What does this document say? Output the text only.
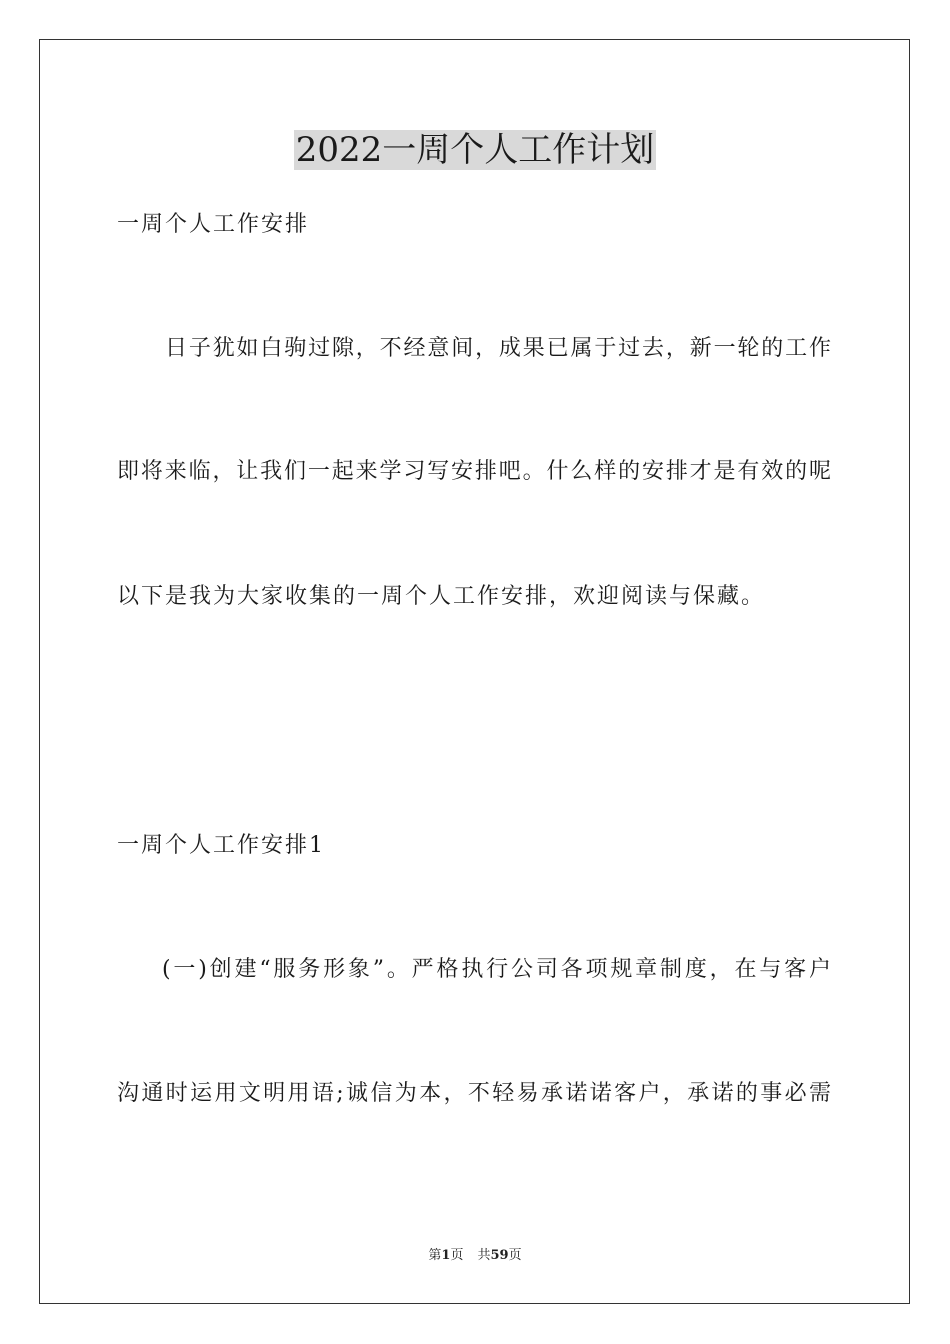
2022一周个人工作计划
一周个人工作安排
日子犹如白驹过隙，不经意间，成果已属于过去，新一轮的工作
即将来临，让我们一起来学习写安排吧。什么样的安排才是有效的呢
以下是我为大家收集的一周个人工作安排，欢迎阅读与保藏。
一周个人工作安排1
(一)创建“服务形象”。严格执行公司各项规章制度，在与客户
沟通时运用文明用语;诚信为本，不轻易承诺诺客户，承诺的事必需
第1页 共59页
